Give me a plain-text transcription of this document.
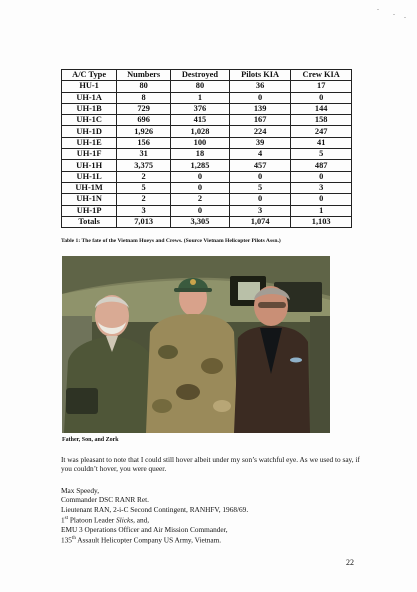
A/C Type	Numbers	Destroyed	Pilots KIA	Crew KIA
HU-1	80	80	36	17
UH-1A	8	1	0	0
UH-1B	729	376	139	144
UH-1C	696	415	167	158
UH-1D	1,926	1,028	224	247
UH-1E	156	100	39	41
UH-1F	31	18	4	5
UH-1H	3,375	1,285	457	487
UH-1L	2	0	0	0
UH-1M	5	0	5	3
UH-1N	2	2	0	0
UH-1P	3	0	3	1
Totals	7,013	3,305	1,074	1,103
Table 1: The fate of the Vietnam Hueys and Crews. (Source Vietnam Helicopter Pilots Assn.)
Father, Son, and Zork

It was pleasant to note that I could still hover albeit under my son’s watchful eye. As we used to say, if you couldn’t hover, you were queer.

Max Speedy,
Commander DSC RANR Ret.
Lieutenant RAN, 2-i-C Second Contingent, RANHFV, 1968/69.
1st Platoon Leader Slicks, and,
EMU 3 Operations Officer and Air Mission Commander,
135th Assault Helicopter Company US Army, Vietnam.
22
